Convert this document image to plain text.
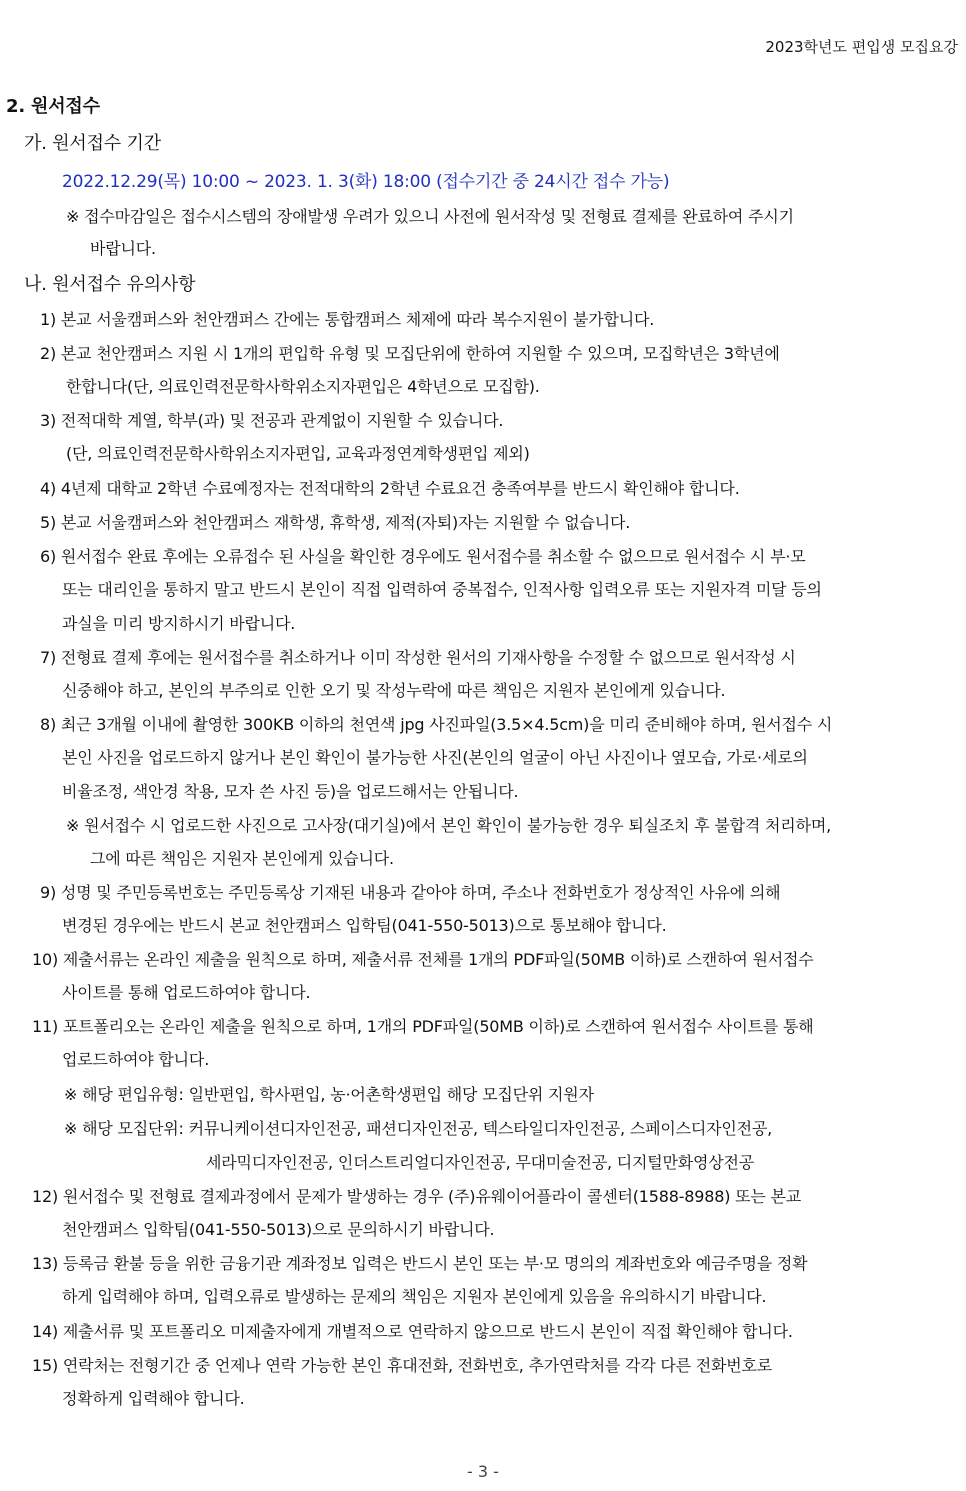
2023학년도 편입생 모집요강
2. 원서접수
가. 원서접수 기간
2022.12.29(목) 10:00 ~ 2023. 1. 3(화) 18:00 (접수기간 중 24시간 접수 가능)
※ 접수마감일은 접수시스템의 장애발생 우려가 있으니 사전에 원서작성 및 전형료 결제를 완료하여 주시기
바랍니다.
나. 원서접수 유의사항
1) 본교 서울캠퍼스와 천안캠퍼스 간에는 통합캠퍼스 체제에 따라 복수지원이 불가합니다.
2) 본교 천안캠퍼스 지원 시 1개의 편입학 유형 및 모집단위에 한하여 지원할 수 있으며, 모집학년은 3학년에
한합니다(단, 의료인력전문학사학위소지자편입은 4학년으로 모집함).
3) 전적대학 계열, 학부(과) 및 전공과 관계없이 지원할 수 있습니다.
(단, 의료인력전문학사학위소지자편입, 교육과정연계학생편입 제외)
4) 4년제 대학교 2학년 수료예정자는 전적대학의 2학년 수료요건 충족여부를 반드시 확인해야 합니다.
5) 본교 서울캠퍼스와 천안캠퍼스 재학생, 휴학생, 제적(자퇴)자는 지원할 수 없습니다.
6) 원서접수 완료 후에는 오류접수 된 사실을 확인한 경우에도 원서접수를 취소할 수 없으므로 원서접수 시 부·모
또는 대리인을 통하지 말고 반드시 본인이 직접 입력하여 중복접수, 인적사항 입력오류 또는 지원자격 미달 등의
과실을 미리 방지하시기 바랍니다.
7) 전형료 결제 후에는 원서접수를 취소하거나 이미 작성한 원서의 기재사항을 수정할 수 없으므로 원서작성 시
신중해야 하고, 본인의 부주의로 인한 오기 및 작성누락에 따른 책임은 지원자 본인에게 있습니다.
8) 최근 3개월 이내에 촬영한 300KB 이하의 천연색 jpg 사진파일(3.5×4.5cm)을 미리 준비해야 하며, 원서접수 시
본인 사진을 업로드하지 않거나 본인 확인이 불가능한 사진(본인의 얼굴이 아닌 사진이나 옆모습, 가로·세로의
비율조정, 색안경 착용, 모자 쓴 사진 등)을 업로드해서는 안됩니다.
※ 원서접수 시 업로드한 사진으로 고사장(대기실)에서 본인 확인이 불가능한 경우 퇴실조치 후 불합격 처리하며,
그에 따른 책임은 지원자 본인에게 있습니다.
9) 성명 및 주민등록번호는 주민등록상 기재된 내용과 같아야 하며, 주소나 전화번호가 정상적인 사유에 의해
변경된 경우에는 반드시 본교 천안캠퍼스 입학팀(041-550-5013)으로 통보해야 합니다.
10) 제출서류는 온라인 제출을 원칙으로 하며, 제출서류 전체를 1개의 PDF파일(50MB 이하)로 스캔하여 원서접수
사이트를 통해 업로드하여야 합니다.
11) 포트폴리오는 온라인 제출을 원칙으로 하며, 1개의 PDF파일(50MB 이하)로 스캔하여 원서접수 사이트를 통해
업로드하여야 합니다.
※ 해당 편입유형: 일반편입, 학사편입, 농·어촌학생편입 해당 모집단위 지원자
※ 해당 모집단위: 커뮤니케이션디자인전공, 패션디자인전공, 텍스타일디자인전공, 스페이스디자인전공,
세라믹디자인전공, 인더스트리얼디자인전공, 무대미술전공, 디지털만화영상전공
12) 원서접수 및 전형료 결제과정에서 문제가 발생하는 경우 (주)유웨이어플라이 콜센터(1588-8988) 또는 본교
천안캠퍼스 입학팀(041-550-5013)으로 문의하시기 바랍니다.
13) 등록금 환불 등을 위한 금융기관 계좌정보 입력은 반드시 본인 또는 부·모 명의의 계좌번호와 예금주명을 정확
하게 입력해야 하며, 입력오류로 발생하는 문제의 책임은 지원자 본인에게 있음을 유의하시기 바랍니다.
14) 제출서류 및 포트폴리오 미제출자에게 개별적으로 연락하지 않으므로 반드시 본인이 직접 확인해야 합니다.
15) 연락처는 전형기간 중 언제나 연락 가능한 본인 휴대전화, 전화번호, 추가연락처를 각각 다른 전화번호로
정확하게 입력해야 합니다.
- 3 -
